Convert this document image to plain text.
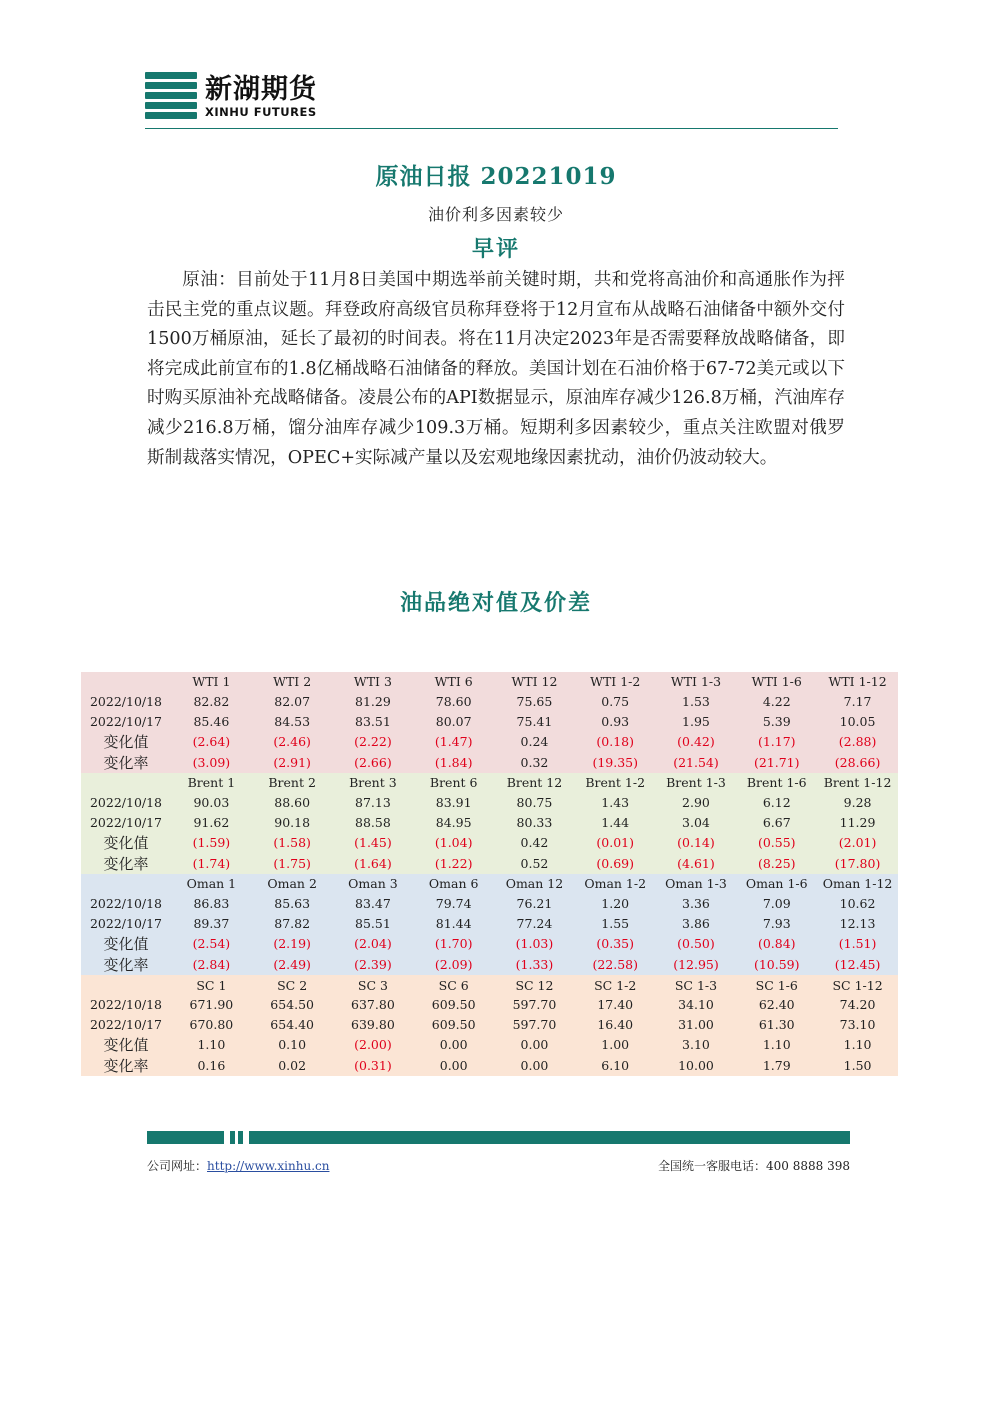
新湖期货
XINHU FUTURES
原油日报 20221019
油价利多因素较少
早评

原油：目前处于11月8日美国中期选举前关键时期，共和党将高油价和高通胀作为抨击民主党的重点议题。拜登政府高级官员称拜登将于12月宣布从战略石油储备中额外交付1500万桶原油，延长了最初的时间表。将在11月决定2023年是否需要释放战略储备，即将完成此前宣布的1.8亿桶战略石油储备的释放。美国计划在石油价格于67-72美元或以下时购买原油补充战略储备。凌晨公布的API数据显示，原油库存减少126.8万桶，汽油库存减少216.8万桶，馏分油库存减少109.3万桶。短期利多因素较少，重点关注欧盟对俄罗斯制裁落实情况，OPEC+实际减产量以及宏观地缘因素扰动，油价仍波动较大。

油品绝对值及价差
	WTI 1	WTI 2	WTI 3	WTI 6	WTI 12	WTI 1-2	WTI 1-3	WTI 1-6	WTI 1-12
2022/10/18	82.82	82.07	81.29	78.60	75.65	0.75	1.53	4.22	7.17
2022/10/17	85.46	84.53	83.51	80.07	75.41	0.93	1.95	5.39	10.05
变化值	(2.64)	(2.46)	(2.22)	(1.47)	0.24	(0.18)	(0.42)	(1.17)	(2.88)
变化率	(3.09)	(2.91)	(2.66)	(1.84)	0.32	(19.35)	(21.54)	(21.71)	(28.66)
	Brent 1	Brent 2	Brent 3	Brent 6	Brent 12	Brent 1-2	Brent 1-3	Brent 1-6	Brent 1-12
2022/10/18	90.03	88.60	87.13	83.91	80.75	1.43	2.90	6.12	9.28
2022/10/17	91.62	90.18	88.58	84.95	80.33	1.44	3.04	6.67	11.29
变化值	(1.59)	(1.58)	(1.45)	(1.04)	0.42	(0.01)	(0.14)	(0.55)	(2.01)
变化率	(1.74)	(1.75)	(1.64)	(1.22)	0.52	(0.69)	(4.61)	(8.25)	(17.80)
	Oman 1	Oman 2	Oman 3	Oman 6	Oman 12	Oman 1-2	Oman 1-3	Oman 1-6	Oman 1-12
2022/10/18	86.83	85.63	83.47	79.74	76.21	1.20	3.36	7.09	10.62
2022/10/17	89.37	87.82	85.51	81.44	77.24	1.55	3.86	7.93	12.13
变化值	(2.54)	(2.19)	(2.04)	(1.70)	(1.03)	(0.35)	(0.50)	(0.84)	(1.51)
变化率	(2.84)	(2.49)	(2.39)	(2.09)	(1.33)	(22.58)	(12.95)	(10.59)	(12.45)
	SC 1	SC 2	SC 3	SC 6	SC 12	SC 1-2	SC 1-3	SC 1-6	SC 1-12
2022/10/18	671.90	654.50	637.80	609.50	597.70	17.40	34.10	62.40	74.20
2022/10/17	670.80	654.40	639.80	609.50	597.70	16.40	31.00	61.30	73.10
变化值	1.10	0.10	(2.00)	0.00	0.00	1.00	3.10	1.10	1.10
变化率	0.16	0.02	(0.31)	0.00	0.00	6.10	10.00	1.79	1.50
公司网址：http://www.xinhu.cn	全国统一客服电话：400 8888 398
